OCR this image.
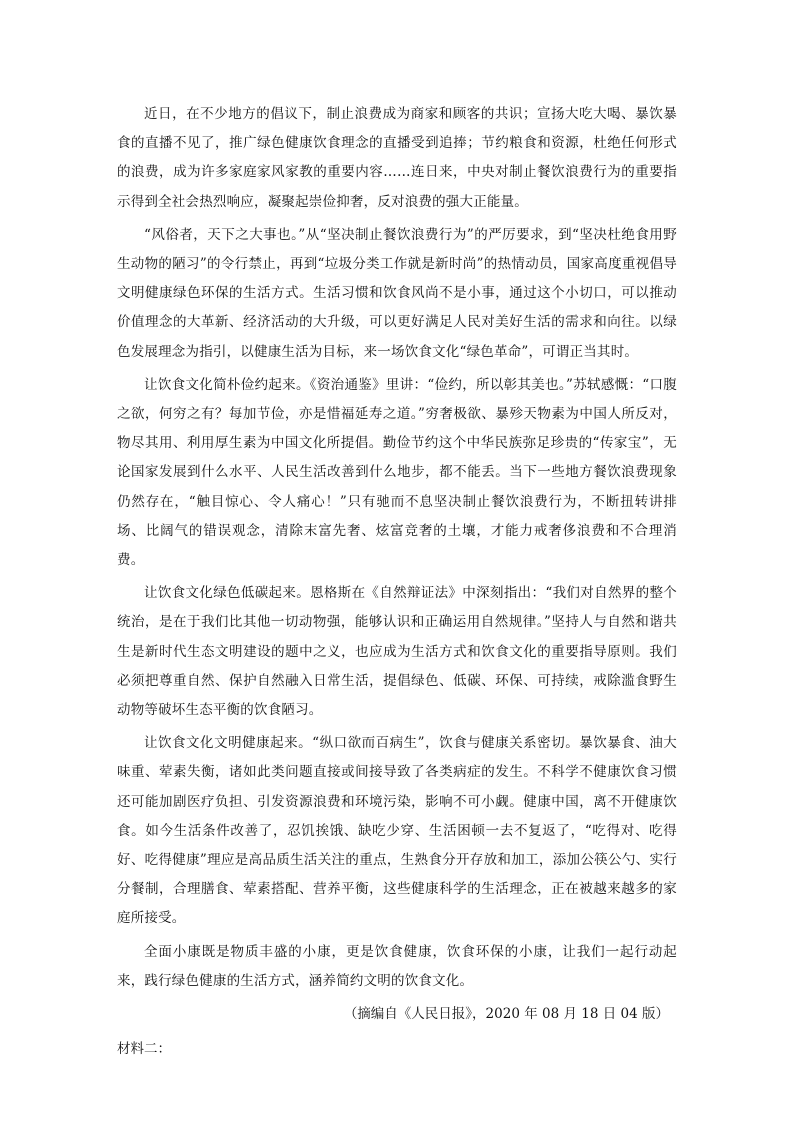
近日，在不少地方的倡议下，制止浪费成为商家和顾客的共识；宣扬大吃大喝、暴饮暴食的直播不见了，推广绿色健康饮食理念的直播受到追捧；节约粮食和资源，杜绝任何形式的浪费，成为许多家庭家风家教的重要内容……连日来，中央对制止餐饮浪费行为的重要指示得到全社会热烈响应，凝聚起崇俭抑奢，反对浪费的强大正能量。

“风俗者，天下之大事也。”从“坚决制止餐饮浪费行为”的严厉要求，到“坚决杜绝食用野生动物的陋习”的令行禁止，再到“垃圾分类工作就是新时尚”的热情动员，国家高度重视倡导文明健康绿色环保的生活方式。生活习惯和饮食风尚不是小事，通过这个小切口，可以推动价值理念的大革新、经济活动的大升级，可以更好满足人民对美好生活的需求和向往。以绿色发展理念为指引，以健康生活为目标，来一场饮食文化“绿色革命”，可谓正当其时。

让饮食文化简朴俭约起来。《资治通鉴》里讲：“俭约，所以彰其美也。”苏轼感慨：“口腹之欲，何穷之有？每加节俭，亦是惜福延寿之道。”穷奢极欲、暴殄天物素为中国人所反对，物尽其用、利用厚生素为中国文化所提倡。勤俭节约这个中华民族弥足珍贵的“传家宝”，无论国家发展到什么水平、人民生活改善到什么地步，都不能丢。当下一些地方餐饮浪费现象仍然存在，“触目惊心、令人痛心！”只有驰而不息坚决制止餐饮浪费行为，不断扭转讲排场、比阔气的错误观念，清除末富先奢、炫富竞奢的土壤，才能力戒奢侈浪费和不合理消费。

让饮食文化绿色低碳起来。恩格斯在《自然辩证法》中深刻指出：“我们对自然界的整个统治，是在于我们比其他一切动物强，能够认识和正确运用自然规律。”坚持人与自然和谐共生是新时代生态文明建设的题中之义，也应成为生活方式和饮食文化的重要指导原则。我们必须把尊重自然、保护自然融入日常生活，提倡绿色、低碳、环保、可持续，戒除滥食野生动物等破坏生态平衡的饮食陋习。

让饮食文化文明健康起来。“纵口欲而百病生”，饮食与健康关系密切。暴饮暴食、油大味重、荤素失衡，诸如此类问题直接或间接导致了各类病症的发生。不科学不健康饮食习惯还可能加剧医疗负担、引发资源浪费和环境污染，影响不可小觑。健康中国，离不开健康饮食。如今生活条件改善了，忍饥挨饿、缺吃少穿、生活困顿一去不复返了，“吃得对、吃得好、吃得健康”理应是高品质生活关注的重点，生熟食分开存放和加工，添加公筷公勺、实行分餐制，合理膳食、荤素搭配、营养平衡，这些健康科学的生活理念，正在被越来越多的家庭所接受。

全面小康既是物质丰盛的小康，更是饮食健康，饮食环保的小康，让我们一起行动起来，践行绿色健康的生活方式，涵养简约文明的饮食文化。

（摘编自《人民日报》，2020 年 08 月 18 日 04 版）

材料二：
